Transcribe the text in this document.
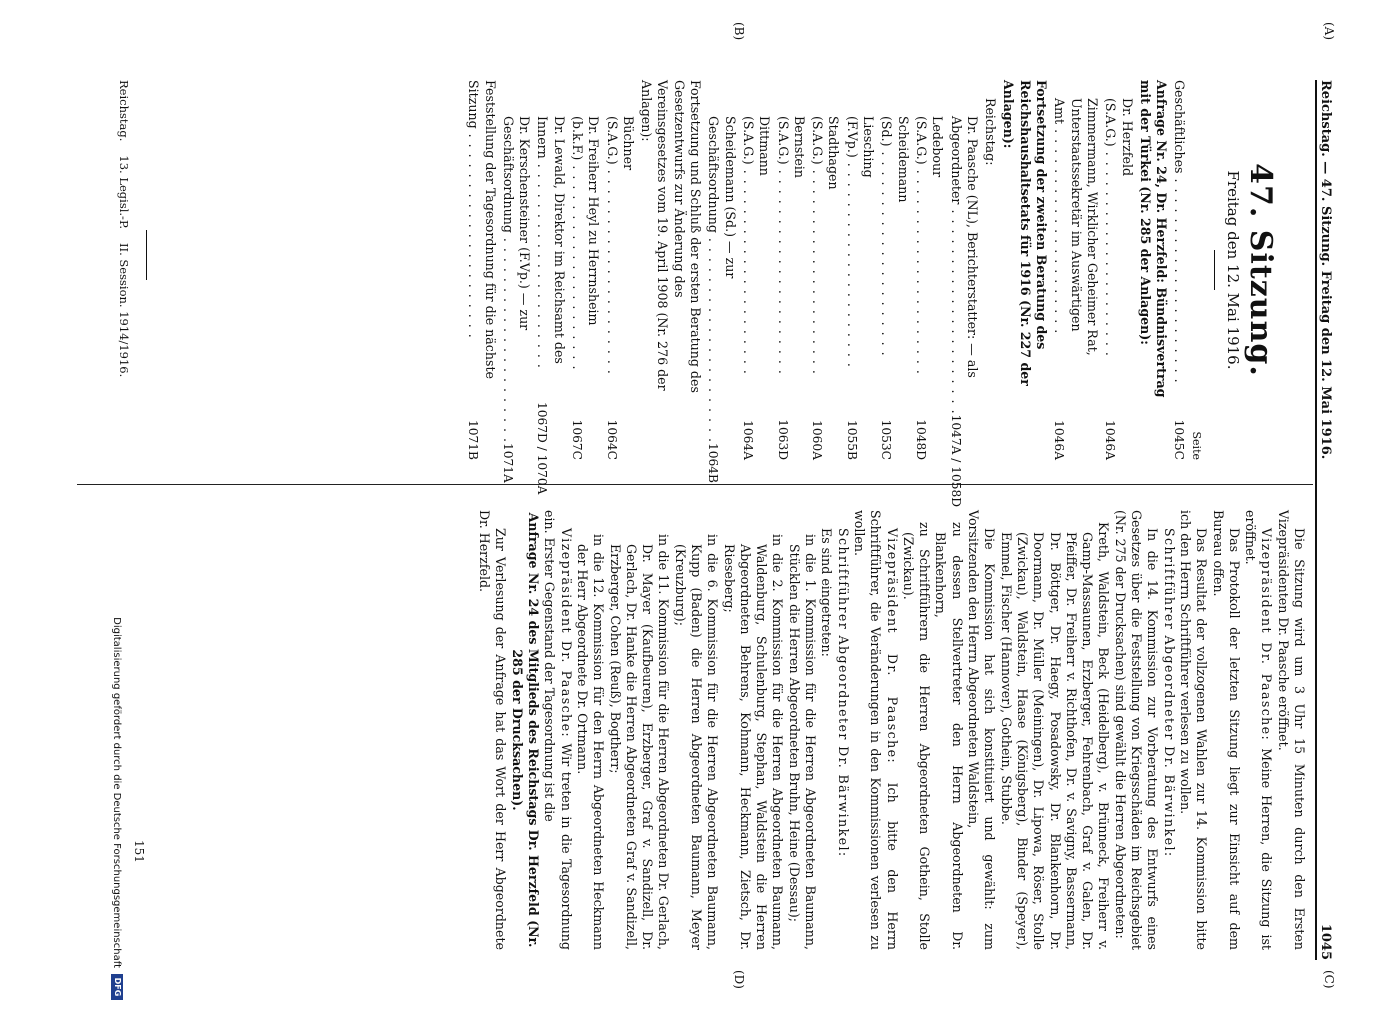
Reichstag. — 47. Sitzung. Freitag den 12. Mai 1916.
1045
(A)
(B)
(C)
(D)
47. Sitzung.
Freitag den 12. Mai 1916.
Seite
Geschäftliches . . .
1045C
Anfrage Nr. 24, Dr. Herzfeld: Bündnisvertrag mit der Türkei (Nr. 285 der Anlagen):
Dr. Herzfeld (S.A.G.) . . .
1046A
Zimmermann, Wirklicher Geheimer Rat, Unterstaatssekretär im Auswärtigen Amt . . .
1046A
Fortsetzung der zweiten Beratung des Reichshaushaltsetats für 1916 (Nr. 227 der Anlagen):
Reichstag:
Dr. Paasche (NL), Berichterstatter: — als Abgeordneter . . .
1047A / 1058D
Ledebour (S.A.G.) . . .
1048D
Scheidemann (Sd.) . . .
1053C
Liesching (F.Vp.) . . .
1055B
Stadthagen (S.A.G.) . . .
1060A
Bernstein (S.A.G.) . . .
1063D
Dittmann (S.A.G.) . . .
1064A
Scheidemann (Sd.) — zur Geschäftsordnung . . .
1064B
Fortsetzung und Schluß der ersten Beratung des Gesetzentwurfs zur Änderung des Vereinsgesetzes vom 19. April 1908 (Nr. 276 der Anlagen):
Büchner (S.A.G.) . . .
1064C
Dr. Freiherr Heyl zu Herrnsheim (b.k.F.) . . .
1067C
Dr. Lewald, Direktor im Reichsamt des Innern . . .
1067D / 1070A
Dr. Kerschensteiner (F.Vp.) — zur Geschäftsordnung . . .
1071A
Feststellung der Tagesordnung für die nächste Sitzung . . .
1071B
Reichstag.
13. Legisl.-P.
II. Session. 1914/1916.

Die Sitzung wird um 3 Uhr 15 Minuten durch den Ersten Vizepräsidenten Dr. Paasche eröffnet.

Vizepräsident Dr. Paasche: Meine Herren, die Sitzung ist eröffnet.

Das Protokoll der letzten Sitzung liegt zur Einsicht auf dem Bureau offen.

Das Resultat der vollzogenen Wahlen zur 14. Kommission bitte ich den Herrn Schriftführer verlesen zu wollen.

Schriftführer Abgeordneter Dr. Bärwinkel:

In die 14. Kommission zur Vorberatung des Entwurfs eines Gesetzes über die Feststellung von Kriegsschäden im Reichsgebiet (Nr. 275 der Drucksachen) sind gewählt die Herren Abgeordneten:

Kreth, Waldstein, Beck (Heidelberg), v. Brünneck, Freiherr v. Gamp-Massaunen, Erzberger, Fehrenbach, Graf v. Galen, Dr. Pfeiffer, Dr. Freiherr v. Richthofen, Dr. v. Savigny, Bassermann, Dr. Böttger, Dr. Haegy, Posadowsky, Dr. Blankenhorn, Dr. Doormann, Dr. Müller (Meiningen), Dr. Lipowa, Röser, Stolle (Zwickau), Waldstein, Haase (Königsberg), Binder (Speyer), Emmel, Fischer (Hannover), Gothein, Stubbe.

Die Kommission hat sich konstituiert und gewählt: zum Vorsitzenden den Herrn Abgeordneten Waldstein,

zu dessen Stellvertreter den Herrn Abgeordneten Dr. Blankenhorn,

zu Schriftführern die Herren Abgeordneten Gothein, Stolle (Zwickau).

Vizepräsident Dr. Paasche: Ich bitte den Herrn Schriftführer, die Veränderungen in den Kommissionen verlesen zu wollen.

Schriftführer Abgeordneter Dr. Bärwinkel:

Es sind eingetreten:

in die 1. Kommission für die Herren Abgeordneten Baumann, Stücklen die Herren Abgeordneten Bruhn, Heine (Dessau);

in die 2. Kommission für die Herren Abgeordneten Baumann, Waldenburg, Schulenburg, Stephan, Waldstein die Herren Abgeordneten Behrens, Kohmann, Heckmann, Zietsch, Dr. Rieseberg;

in die 6. Kommission für die Herren Abgeordneten Baumann, Kupp (Baden) die Herren Abgeordneten Baumann, Meyer (Kreuzburg);

in die 11. Kommission für die Herren Abgeordneten Dr. Gerlach, Dr. Mayer (Kaufbeuren), Erzberger, Graf v. Sandizell, Dr. Gerlach, Dr. Hanke die Herren Abgeordneten Graf v. Sandizell, Erzberger, Cohen (Reuß), Bogtherr;

in die 12. Kommission für den Herrn Abgeordneten Heckmann der Herr Abgeordnete Dr. Ortmann.

Vizepräsident Dr. Paasche: Wir treten in die Tagesordnung ein. Erster Gegenstand der Tagesordnung ist die

Anfrage Nr. 24 des Mitglieds des Reichstags Dr. Herzfeld (Nr. 285 der Drucksachen).

Zur Verlesung der Anfrage hat das Wort der Herr Abgeordnete Dr. Herzfeld.

151
Digitalisierung gefördert durch die Deutsche Forschungsgemeinschaft
DFG
